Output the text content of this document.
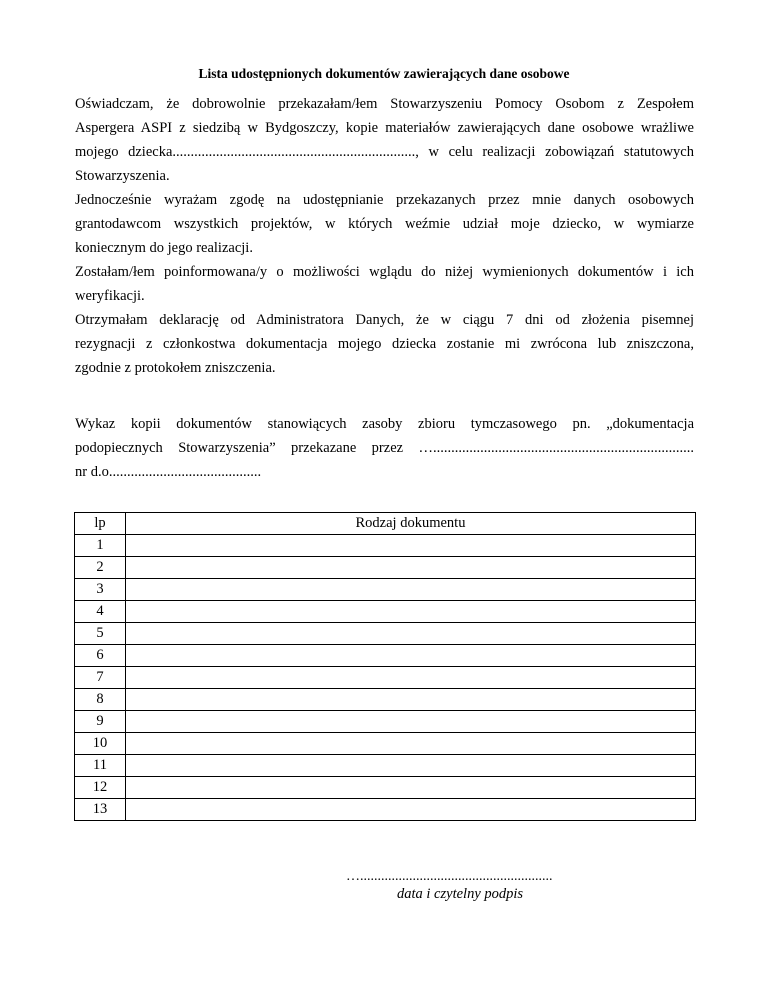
Lista udostępnionych dokumentów zawierających dane osobowe
Oświadczam, że dobrowolnie przekazałam/łem Stowarzyszeniu Pomocy Osobom z Zespołem
Aspergera ASPI z siedzibą w Bydgoszczy, kopie materiałów zawierających dane osobowe wrażliwe
mojego dziecka..................................................................., w celu realizacji zobowiązań statutowych
Stowarzyszenia.
Jednocześnie wyrażam zgodę na udostępnianie przekazanych przez mnie danych osobowych
grantodawcom wszystkich projektów, w których weźmie udział moje dziecko, w wymiarze
koniecznym do jego realizacji.
Zostałam/łem poinformowana/y o możliwości wglądu do niżej wymienionych dokumentów i ich
weryfikacji.
Otrzymałam deklarację od Administratora Danych, że w ciągu 7 dni od złożenia pisemnej
rezygnacji z członkostwa dokumentacja mojego dziecka zostanie mi zwrócona lub zniszczona,
zgodnie z protokołem zniszczenia.
Wykaz kopii dokumentów stanowiących zasoby zbioru tymczasowego pn. „dokumentacja
podopiecznych Stowarzyszenia” przekazane przez …........................................................................
nr d.o..........................................
lp	Rodzaj dokumentu
1	
2	
3	
4	
5	
6	
7	
8	
9	
10	
11	
12	
13	
….......................................................
data i czytelny podpis
